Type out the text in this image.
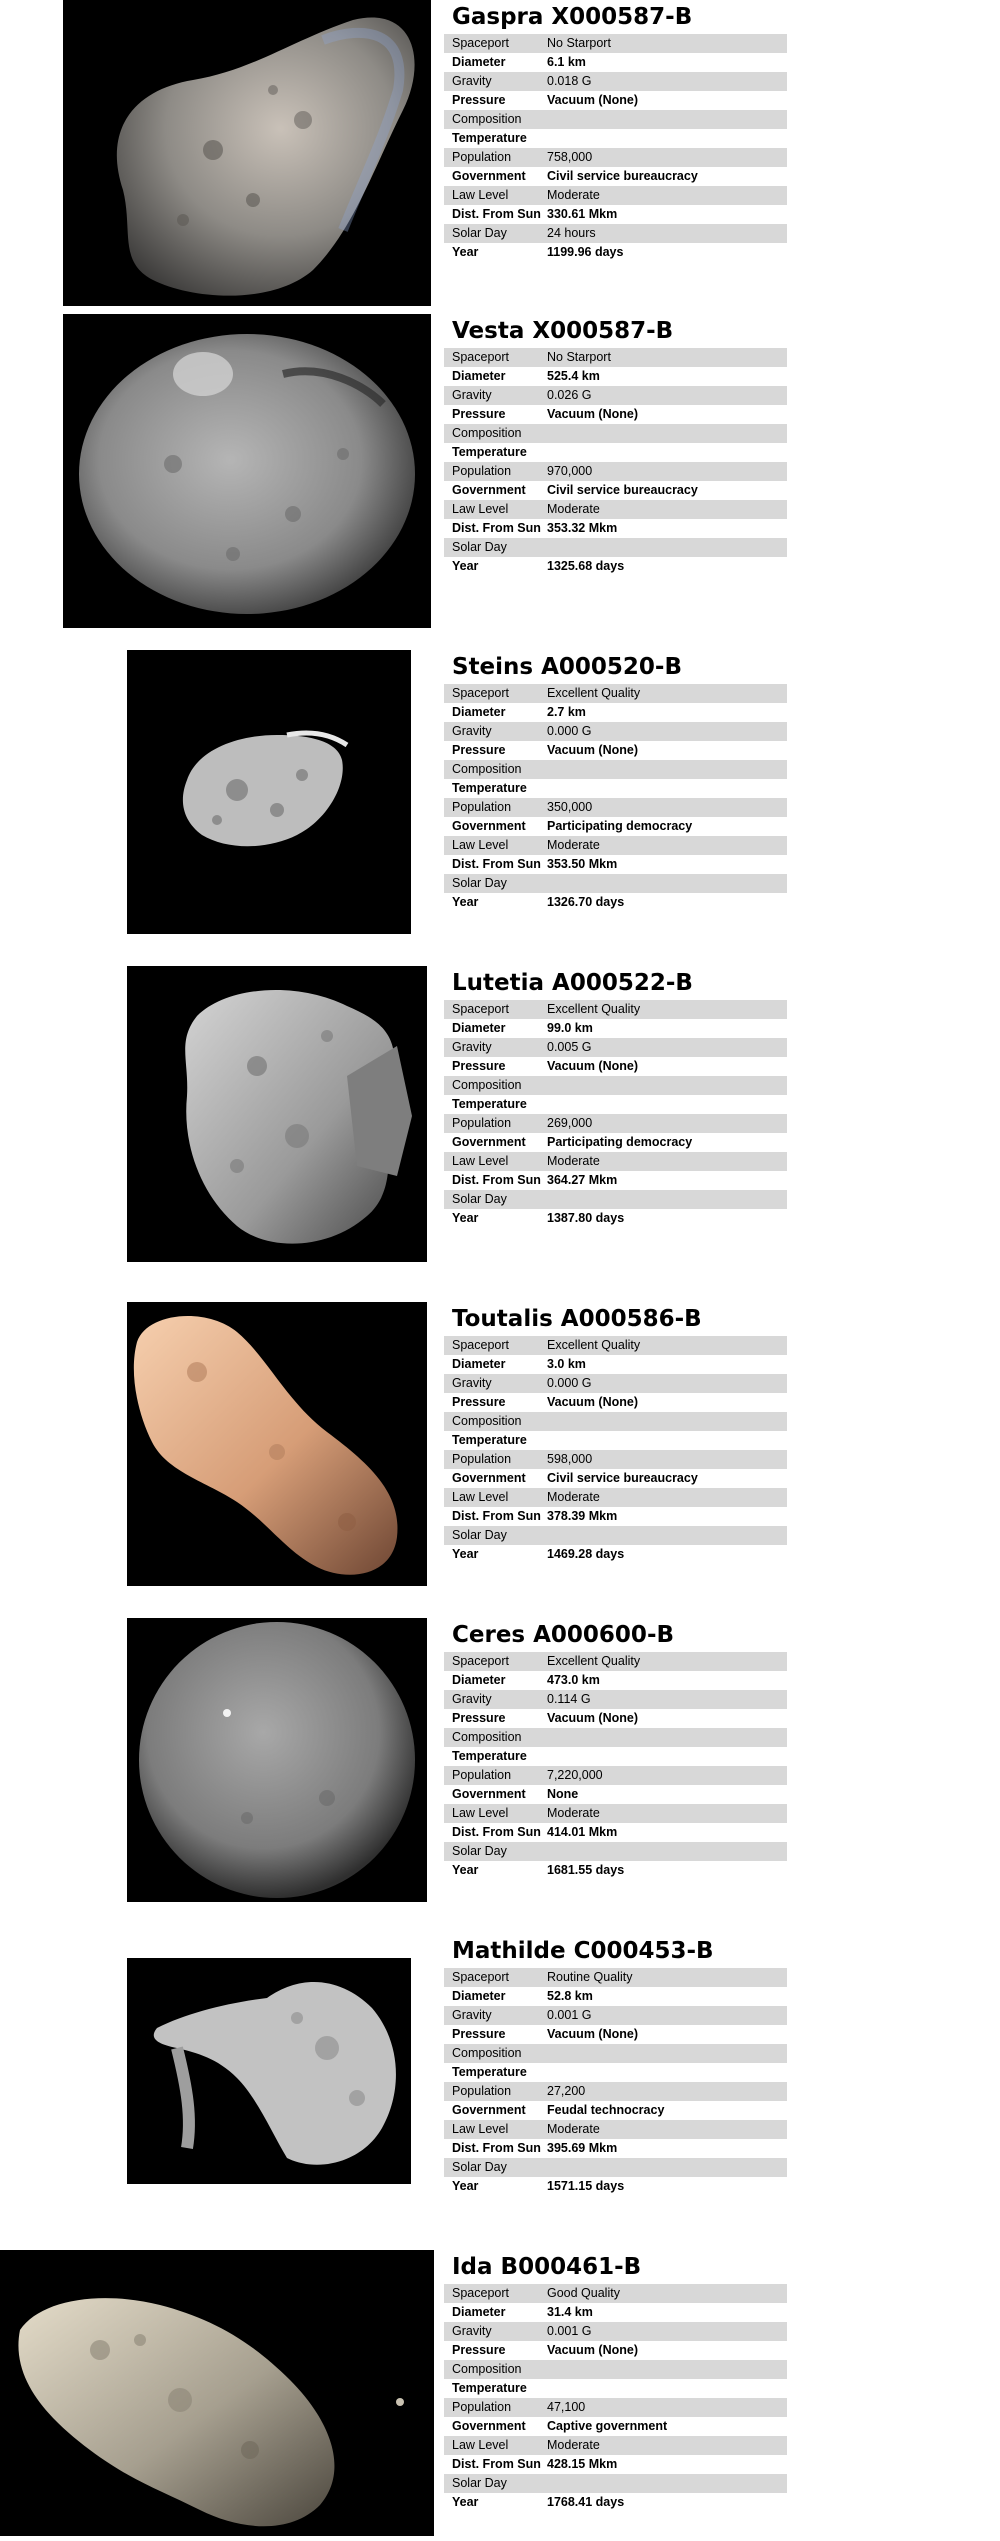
Gaspra X000587-B
Spaceport	No Starport
Diameter	6.1 km
Gravity	0.018 G
Pressure	Vacuum (None)
Composition
Temperature
Population	758,000
Government	Civil service bureaucracy
Law Level	Moderate
Dist. From Sun 330.61 Mkm
Solar Day	24 hours
Year	1199.96 days
Vesta X000587-B
Spaceport	No Starport
Diameter	525.4 km
Gravity	0.026 G
Pressure	Vacuum (None)
Composition
Temperature
Population	970,000
Government	Civil service bureaucracy
Law Level	Moderate
Dist. From Sun 353.32 Mkm
Solar Day
Year	1325.68 days
Steins A000520-B
Spaceport	Excellent Quality
Diameter	2.7 km
Gravity	0.000 G
Pressure	Vacuum (None)
Composition
Temperature
Population	350,000
Government	Participating democracy
Law Level	Moderate
Dist. From Sun 353.50 Mkm
Solar Day
Year	1326.70 days
Lutetia A000522-B
Spaceport	Excellent Quality
Diameter	99.0 km
Gravity	0.005 G
Pressure	Vacuum (None)
Composition
Temperature
Population	269,000
Government	Participating democracy
Law Level	Moderate
Dist. From Sun 364.27 Mkm
Solar Day
Year	1387.80 days
Toutalis A000586-B
Spaceport	Excellent Quality
Diameter	3.0 km
Gravity	0.000 G
Pressure	Vacuum (None)
Composition
Temperature
Population	598,000
Government	Civil service bureaucracy
Law Level	Moderate
Dist. From Sun 378.39 Mkm
Solar Day
Year	1469.28 days
Ceres A000600-B
Spaceport	Excellent Quality
Diameter	473.0 km
Gravity	0.114 G
Pressure	Vacuum (None)
Composition
Temperature
Population	7,220,000
Government	None
Law Level	Moderate
Dist. From Sun 414.01 Mkm
Solar Day
Year	1681.55 days
Mathilde C000453-B
Spaceport	Routine Quality
Diameter	52.8 km
Gravity	0.001 G
Pressure	Vacuum (None)
Composition
Temperature
Population	27,200
Government	Feudal technocracy
Law Level	Moderate
Dist. From Sun 395.69 Mkm
Solar Day
Year	1571.15 days
Ida B000461-B
Spaceport	Good Quality
Diameter	31.4 km
Gravity	0.001 G
Pressure	Vacuum (None)
Composition
Temperature
Population	47,100
Government	Captive government
Law Level	Moderate
Dist. From Sun 428.15 Mkm
Solar Day
Year	1768.41 days
